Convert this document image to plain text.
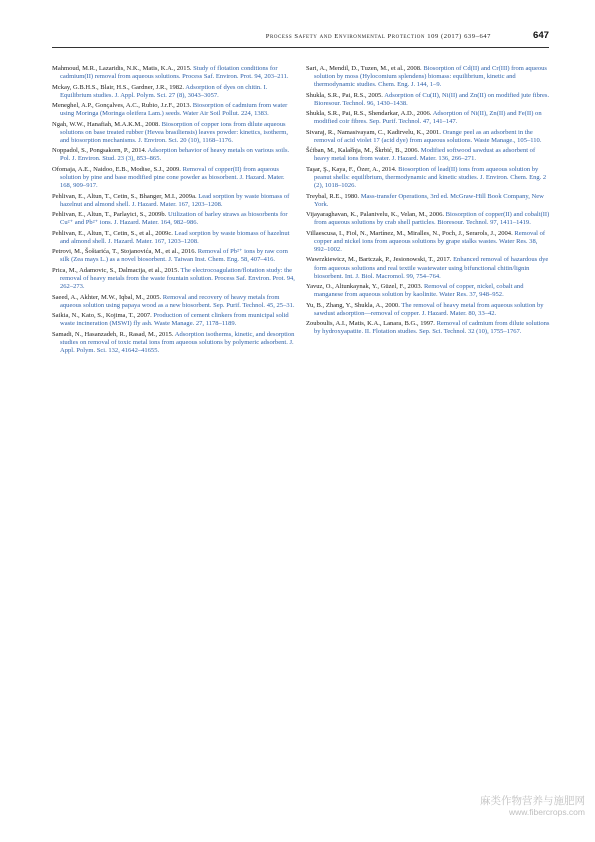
Process Safety and Environmental Protection 109 (2017) 639–647	647

Mahmoud, M.R., Lazaridis, N.K., Matis, K.A., 2015. Study of flotation conditions for cadmium(II) removal from aqueous solutions. Process Saf. Environ. Prot. 94, 203–211.

Mckay, G.B.H.S., Blair, H.S., Gardner, J.R., 1982. Adsorption of dyes on chitin. I. Equilibrium studies. J. Appl. Polym. Sci. 27 (8), 3043–3057.

Meneghel, A.P., Gonçalves, A.C., Rubio, J.r.F., 2013. Biosorption of cadmium from water using Moringa (Moringa oleifera Lam.) seeds. Water Air Soil Pollut. 224, 1383.

Ngah, W.W., Hanafiah, M.A.K.M., 2008. Biosorption of copper ions from dilute aqueous solutions on base treated rubber (Hevea brasiliensis) leaves powder: kinetics, isotherm, and biosorption mechanisms. J. Environ. Sci. 20 (10), 1168–1176.

Noppadol, S., Pongsakorn, P., 2014. Adsorption behavior of heavy metals on various soils. Pol. J. Environ. Stud. 23 (3), 853–865.

Ofomaja, A.E., Naidoo, E.B., Modise, S.J., 2009. Removal of copper(II) from aqueous solution by pine and base modified pine cone powder as biosorbent. J. Hazard. Mater. 168, 909–917.

Pehlivan, E., Altun, T., Cetin, S., Bhanger, M.I., 2009a. Lead sorption by waste biomass of hazelnut and almond shell. J. Hazard. Mater. 167, 1203–1208.

Pehlivan, E., Altun, T., Parlayici, S., 2009b. Utilization of barley straws as biosorbents for Cu²⁺ and Pb²⁺ ions. J. Hazard. Mater. 164, 982–986.

Pehlivan, E., Altun, T., Cetin, S., et al., 2009c. Lead sorption by waste biomass of hazelnut and almond shell. J. Hazard. Mater. 167, 1203–1208.

Petrovi, M., Šoštarića, T., Stojanovića, M., et al., 2016. Removal of Pb²⁺ ions by raw corn silk (Zea mays L.) as a novel biosorbent. J. Taiwan Inst. Chem. Eng. 58, 407–416.

Prica, M., Adamovic, S., Dalmacija, et al., 2015. The electrocoagulation/flotation study: the removal of heavy metals from the waste fountain solution. Process Saf. Environ. Prot. 94, 262–273.

Saeed, A., Akhter, M.W., Iqbal, M., 2005. Removal and recovery of heavy metals from aqueous solution using papaya wood as a new biosorbent. Sep. Purif. Technol. 45, 25–31.

Saikia, N., Kato, S., Kojima, T., 2007. Production of cement clinkers from municipal solid waste incineration (MSWI) fly ash. Waste Manage. 27, 1178–1189.

Samadi, N., Hasanzadeh, R., Rasad, M., 2015. Adsorption isotherms, kinetic, and desorption studies on removal of toxic metal ions from aqueous solutions by polymeric adsorbent. J. Appl. Polym. Sci. 132, 41642–41655.

Sari, A., Mendil, D., Tuzen, M., et al., 2008. Biosorption of Cd(II) and Cr(III) from aqueous solution by moss (Hylocomium splendens) biomass: equilibrium, kinetic and thermodynamic studies. Chem. Eng. J. 144, 1–9.

Shukla, S.R., Pai, R.S., 2005. Adsorption of Cu(II), Ni(II) and Zn(II) on modified jute fibres. Bioresour. Technol. 96, 1430–1438.

Shukla, S.R., Pai, R.S., Shendarkar, A.D., 2006. Adsorption of Ni(II), Zn(II) and Fe(II) on modified coir fibres. Sep. Purif. Technol. 47, 141–147.

Sivaraj, R., Namasivayam, C., Kadirvelu, K., 2001. Orange peel as an adsorbent in the removal of acid violet 17 (acid dye) from aqueous solutions. Waste Manage., 105–110.

Šćiban, M., Kalaš̌nja, M., Škrbić, B., 2006. Modified softwood sawdust as adsorbent of heavy metal ions from water. J. Hazard. Mater. 136, 266–271.

Taşar, Ş., Kaya, F., Özer, A., 2014. Biosorption of lead(II) ions from aqueous solution by peanut shells: equilibrium, thermodynamic and kinetic studies. J. Environ. Chem. Eng. 2 (2), 1018–1026.

Treybal, R.E., 1980. Mass-transfer Operations, 3rd ed. McGraw-Hill Book Company, New York.

Vijayaraghavan, K., Palanivelu, K., Velan, M., 2006. Biosorption of copper(II) and cobalt(II) from aqueous solutions by crab shell particles. Bioresour. Technol. 97, 1411–1419.

Villaescusa, I., Fiol, N., Martínez, M., Miralles, N., Poch, J., Serarols, J., 2004. Removal of copper and nickel ions from aqueous solutions by grape stalks wastes. Water Res. 38, 992–1002.

Wawrzkiewicz, M., Bartczak, P., Jesionowski, T., 2017. Enhanced removal of hazardous dye form aqueous solutions and real textile wastewater using bifunctional chitin/lignin biosorbent. Int. J. Biol. Macromol. 99, 754–764.

Yavuz, O., Altunkaynak, Y., Güzel, F., 2003. Removal of copper, nickel, cobalt and manganese from aqueous solution by kaolinite. Water Res. 37, 948–952.

Yu, B., Zhang, Y., Shukla, A., 2000. The removal of heavy metal from aqueous solution by sawdust adsorption—removal of copper. J. Hazard. Mater. 80, 33–42.

Zouboulis, A.I., Matis, K.A., Lanara, B.G., 1997. Removal of cadmium from dilute solutions by hydroxyapatite. II. Flotation studies. Sep. Sci. Technol. 32 (10), 1755–1767.

麻类作物营养与施肥网
www.fibercrops.com
